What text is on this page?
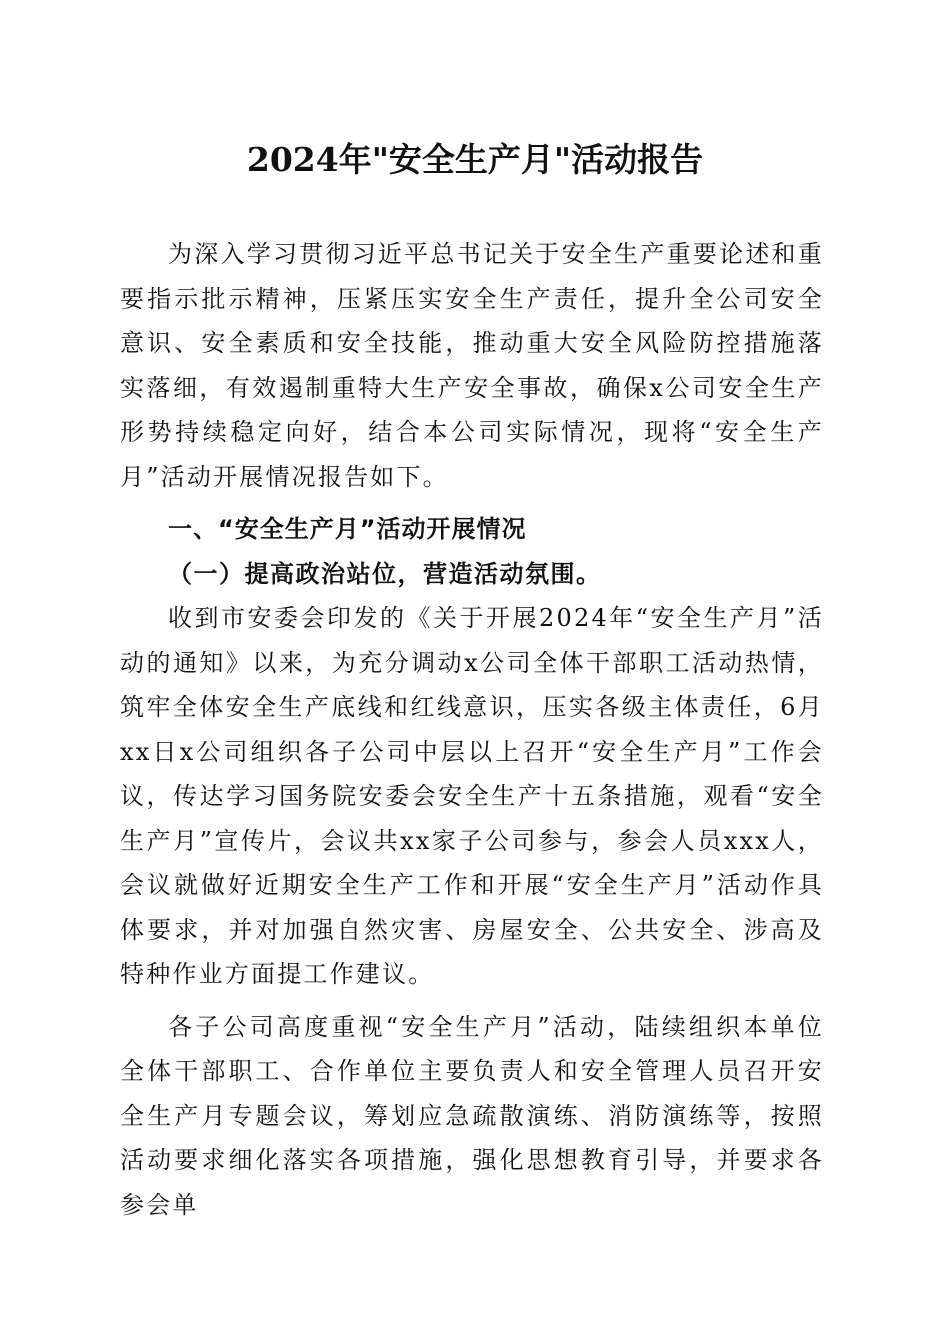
2024年"安全生产月"活动报告

为深入学习贯彻习近平总书记关于安全生产重要论述和重要指示批示精神，压紧压实安全生产责任，提升全公司安全意识、安全素质和安全技能，推动重大安全风险防控措施落实落细，有效遏制重特大生产安全事故，确保x公司安全生产形势持续稳定向好，结合本公司实际情况，现将“安全生产月”活动开展情况报告如下。

一、“安全生产月”活动开展情况

（一）提高政治站位，营造活动氛围。

收到市安委会印发的《关于开展2024年“安全生产月”活动的通知》以来，为充分调动x公司全体干部职工活动热情，筑牢全体安全生产底线和红线意识，压实各级主体责任，6月xx日x公司组织各子公司中层以上召开“安全生产月”工作会议，传达学习国务院安委会安全生产十五条措施，观看“安全生产月”宣传片，会议共xx家子公司参与，参会人员xxx人，会议就做好近期安全生产工作和开展“安全生产月”活动作具体要求，并对加强自然灾害、房屋安全、公共安全、涉高及特种作业方面提工作建议。

各子公司高度重视“安全生产月”活动，陆续组织本单位全体干部职工、合作单位主要负责人和安全管理人员召开安全生产月专题会议，筹划应急疏散演练、消防演练等，按照活动要求细化落实各项措施，强化思想教育引导，并要求各参会单
